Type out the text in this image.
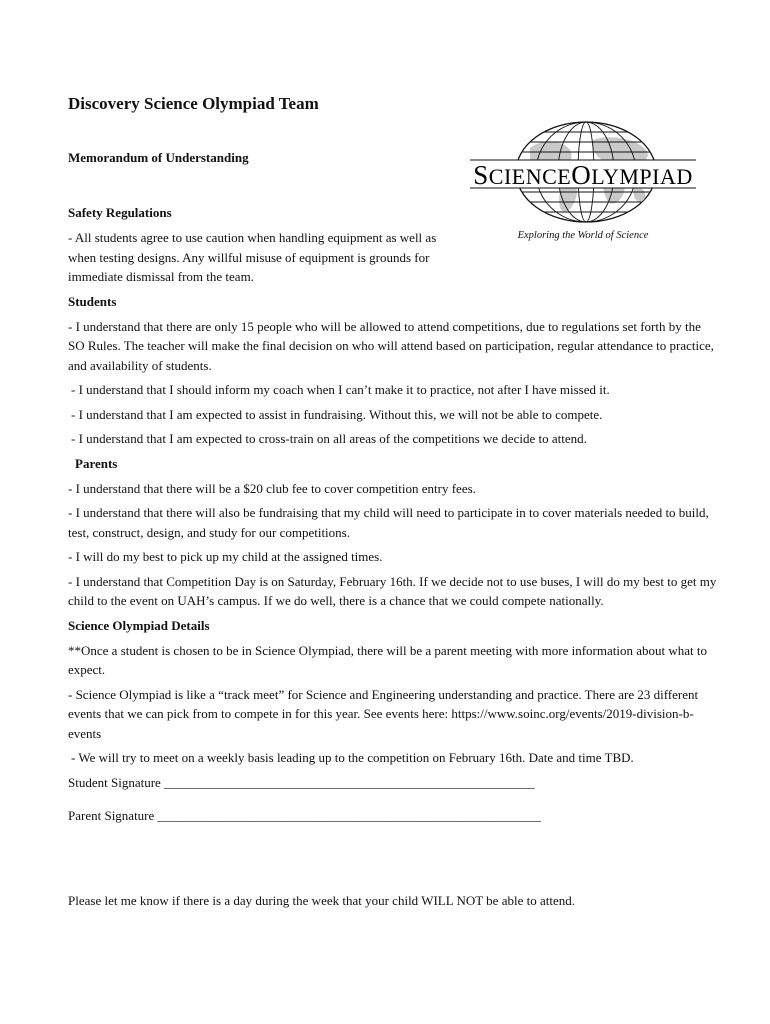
Discovery Science Olympiad Team
Memorandum of Understanding
SCIENCEOLYMPIAD
Exploring the World of Science

Safety Regulations

- All students agree to use caution when handling equipment as well as when testing designs. Any willful misuse of equipment is grounds for immediate dismissal from the team.

Students

- I understand that there are only 15 people who will be allowed to attend competitions, due to regulations set forth by the SO Rules. The teacher will make the final decision on who will attend based on participation, regular attendance to practice, and availability of students.

- I understand that I should inform my coach when I can’t make it to practice, not after I have missed it.

- I understand that I am expected to assist in fundraising. Without this, we will not be able to compete.

- I understand that I am expected to cross-train on all areas of the competitions we decide to attend.

Parents

- I understand that there will be a $20 club fee to cover competition entry fees.

- I understand that there will also be fundraising that my child will need to participate in to cover materials needed to build, test, construct, design, and study for our competitions.

- I will do my best to pick up my child at the assigned times.

- I understand that Competition Day is on Saturday, February 16th. If we decide not to use buses, I will do my best to get my child to the event on UAH’s campus. If we do well, there is a chance that we could compete nationally.

Science Olympiad Details

**Once a student is chosen to be in Science Olympiad, there will be a parent meeting with more information about what to expect.

- Science Olympiad is like a “track meet” for Science and Engineering understanding and practice. There are 23 different events that we can pick from to compete in for this year. See events here: https://www.soinc.org/events/2019-division-b-events

- We will try to meet on a weekly basis leading up to the competition on February 16th. Date and time TBD.

Student Signature _________________________________________________________

Parent Signature ___________________________________________________________

Please let me know if there is a day during the week that your child WILL NOT be able to attend.
